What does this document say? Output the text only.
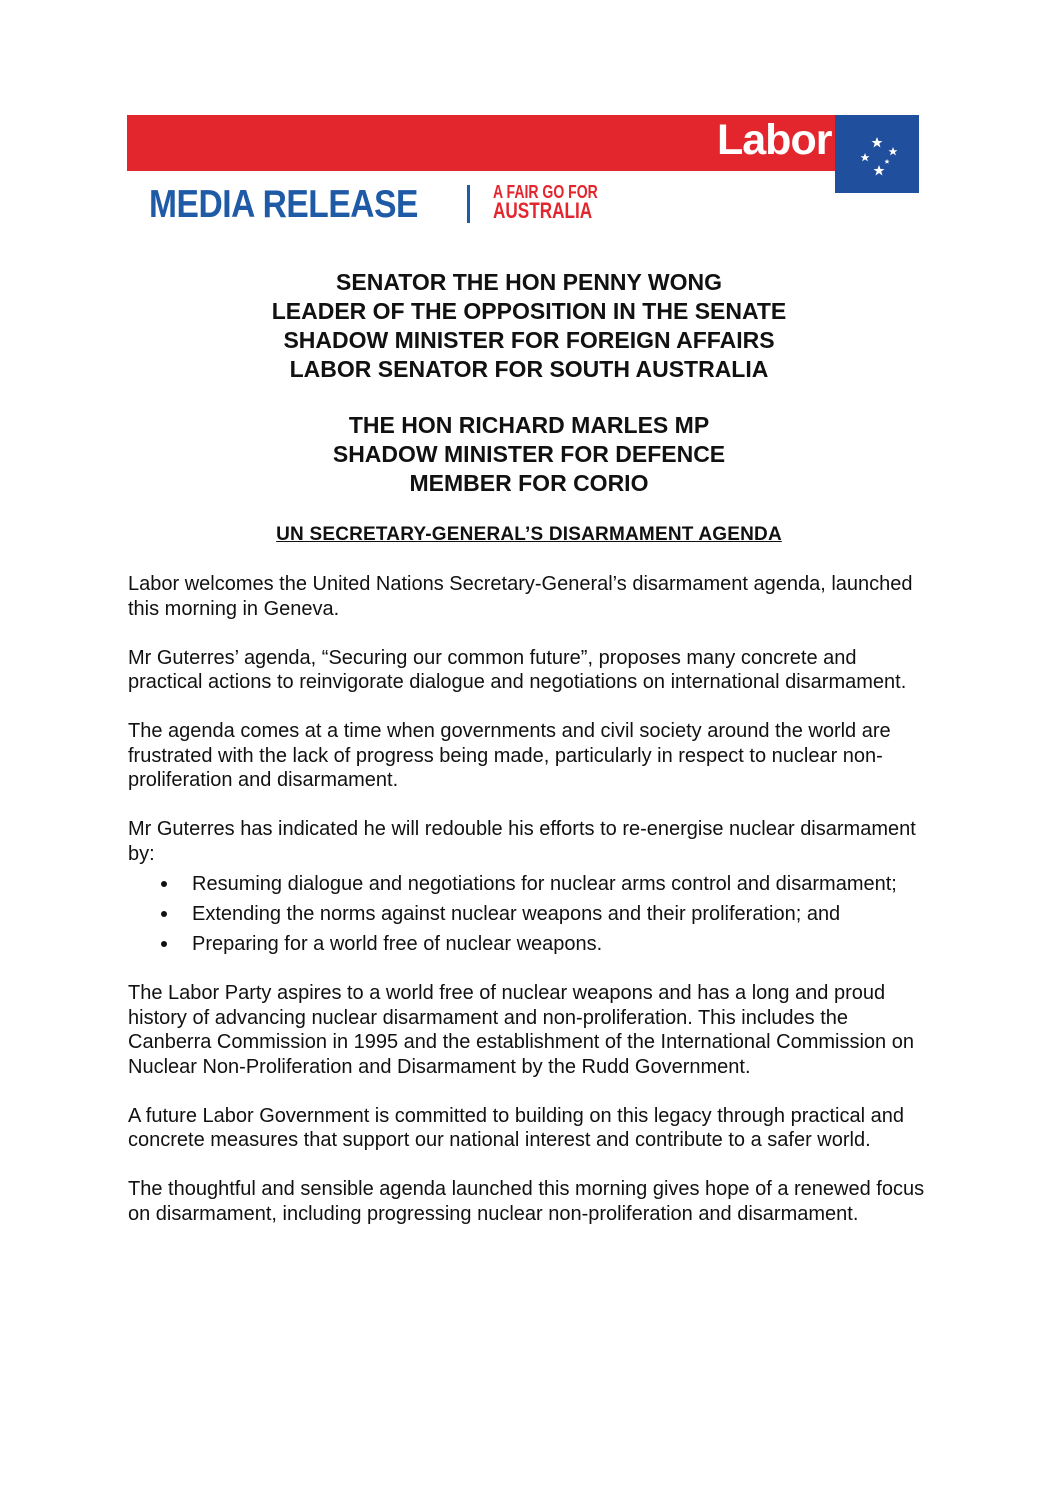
Labor
MEDIA RELEASE	A FAIR GO FOR
AUSTRALIA
SENATOR THE HON PENNY WONG
LEADER OF THE OPPOSITION IN THE SENATE
SHADOW MINISTER FOR FOREIGN AFFAIRS
LABOR SENATOR FOR SOUTH AUSTRALIA
THE HON RICHARD MARLES MP
SHADOW MINISTER FOR DEFENCE
MEMBER FOR CORIO
UN SECRETARY-GENERAL’S DISARMAMENT AGENDA

Labor welcomes the United Nations Secretary-General’s disarmament agenda, launched this morning in Geneva.

Mr Guterres’ agenda, “Securing our common future”, proposes many concrete and practical actions to reinvigorate dialogue and negotiations on international disarmament.

The agenda comes at a time when governments and civil society around the world are frustrated with the lack of progress being made, particularly in respect to nuclear non-proliferation and disarmament.

Mr Guterres has indicated he will redouble his efforts to re-energise nuclear disarmament by:

Resuming dialogue and negotiations for nuclear arms control and disarmament;
Extending the norms against nuclear weapons and their proliferation; and
Preparing for a world free of nuclear weapons.

The Labor Party aspires to a world free of nuclear weapons and has a long and proud history of advancing nuclear disarmament and non-proliferation. This includes the Canberra Commission in 1995 and the establishment of the International Commission on Nuclear Non-Proliferation and Disarmament by the Rudd Government.

A future Labor Government is committed to building on this legacy through practical and concrete measures that support our national interest and contribute to a safer world.

The thoughtful and sensible agenda launched this morning gives hope of a renewed focus on disarmament, including progressing nuclear non-proliferation and disarmament.
